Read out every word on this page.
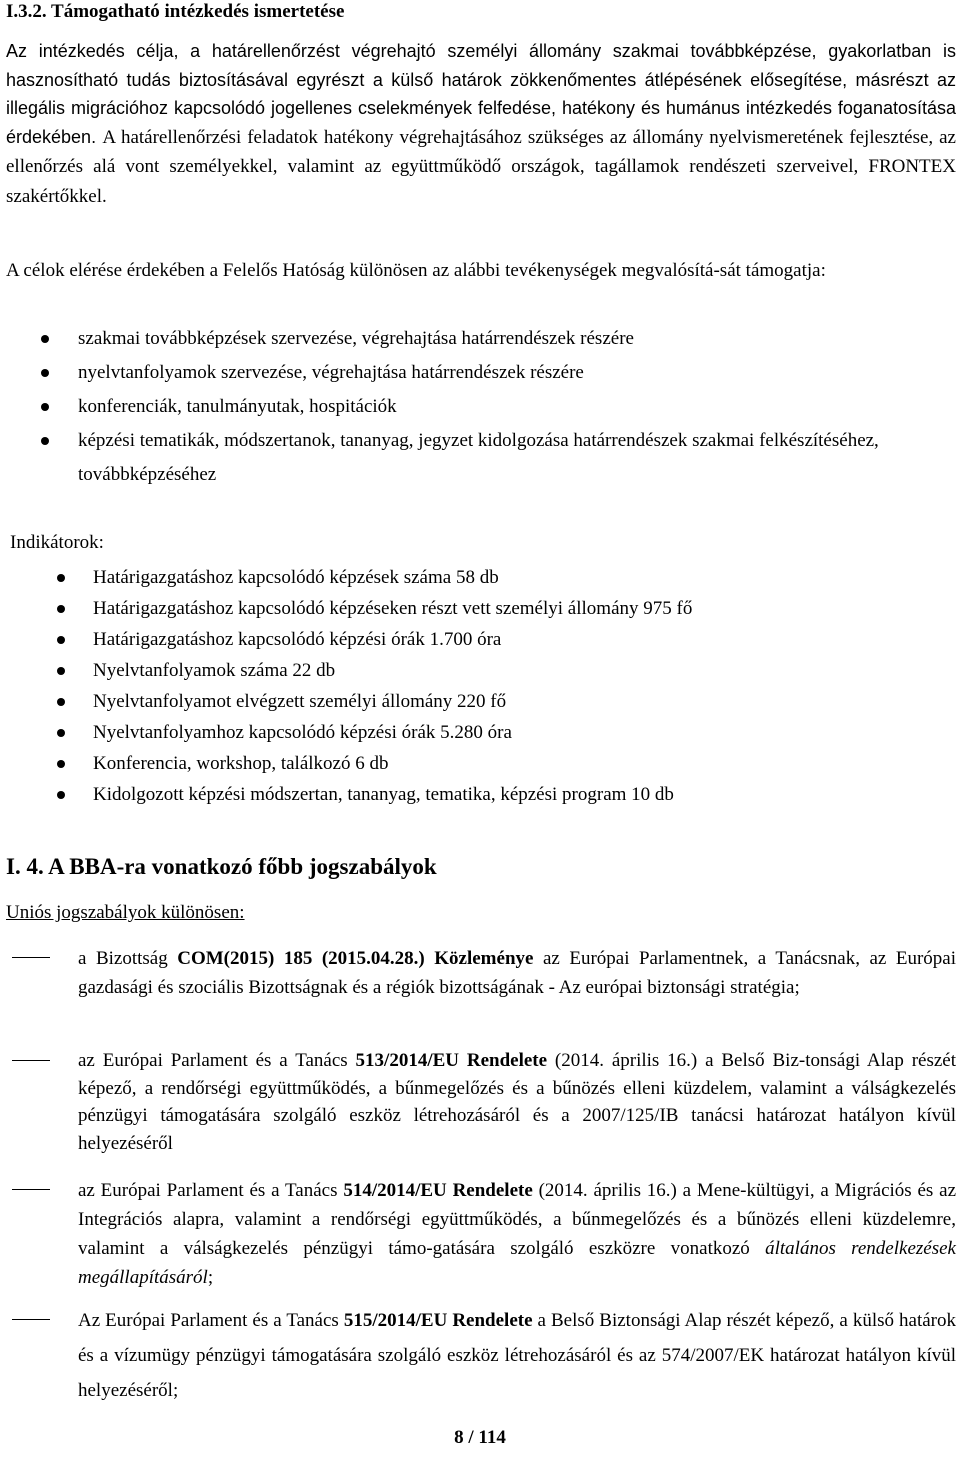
I.3.2. Támogatható intézkedés ismertetése

Az intézkedés célja, a határellenőrzést végrehajtó személyi állomány szakmai továbbképzése, gyakorlatban is hasznosítható tudás biztosításával egyrészt a külső határok zökkenőmentes átlépésének elősegítése, másrészt az illegális migrációhoz kapcsolódó jogellenes cselekmények felfedése, hatékony és humánus intézkedés foganatosítása érdekében. A határellenőrzési feladatok hatékony végrehajtásához szükséges az állomány nyelvismeretének fejlesztése, az ellenőrzés alá vont személyekkel, valamint az együttműködő országok, tagállamok rendészeti szerveivel, FRONTEX szakértőkkel.

A célok elérése érdekében a Felelős Hatóság különösen az alábbi tevékenységek megvalósítá-sát támogatja:

szakmai továbbképzések szervezése, végrehajtása határrendészek részére
nyelvtanfolyamok szervezése, végrehajtása határrendészek részére
konferenciák, tanulmányutak, hospitációk
képzési tematikák, módszertanok, tananyag, jegyzet kidolgozása határrendészek szakmai felkészítéséhez, továbbképzéséhez
Indikátorok:
Határigazgatáshoz kapcsolódó képzések száma 58 db
Határigazgatáshoz kapcsolódó képzéseken részt vett személyi állomány 975 fő
Határigazgatáshoz kapcsolódó képzési órák 1.700 óra
Nyelvtanfolyamok száma 22 db
Nyelvtanfolyamot elvégzett személyi állomány 220 fő
Nyelvtanfolyamhoz kapcsolódó képzési órák 5.280 óra
Konferencia, workshop, találkozó 6 db
Kidolgozott képzési módszertan, tananyag, tematika, képzési program 10 db
I. 4. A BBA-ra vonatkozó főbb jogszabályok
Uniós jogszabályok különösen:

a Bizottság COM(2015) 185 (2015.04.28.) Közleménye az Európai Parlamentnek, a Tanácsnak, az Európai gazdasági és szociális Bizottságnak és a régiók bizottságának - Az európai biztonsági stratégia;

az Európai Parlament és a Tanács 513/2014/EU Rendelete (2014. április 16.) a Belső Biz-tonsági Alap részét képező, a rendőrségi együttműködés, a bűnmegelőzés és a bűnözés elleni küzdelem, valamint a válságkezelés pénzügyi támogatására szolgáló eszköz létrehozásáról és a 2007/125/IB tanácsi határozat hatályon kívül helyezéséről

az Európai Parlament és a Tanács 514/2014/EU Rendelete (2014. április 16.) a Mene-kültügyi, a Migrációs és az Integrációs alapra, valamint a rendőrségi együttműködés, a bűnmegelőzés és a bűnözés elleni küzdelemre, valamint a válságkezelés pénzügyi támo-gatására szolgáló eszközre vonatkozó általános rendelkezések megállapításáról;

Az Európai Parlament és a Tanács 515/2014/EU Rendelete a Belső Biztonsági Alap részét képező, a külső határok és a vízumügy pénzügyi támogatására szolgáló eszköz létrehozásáról és az 574/2007/EK határozat hatályon kívül helyezéséről;

8 / 114
